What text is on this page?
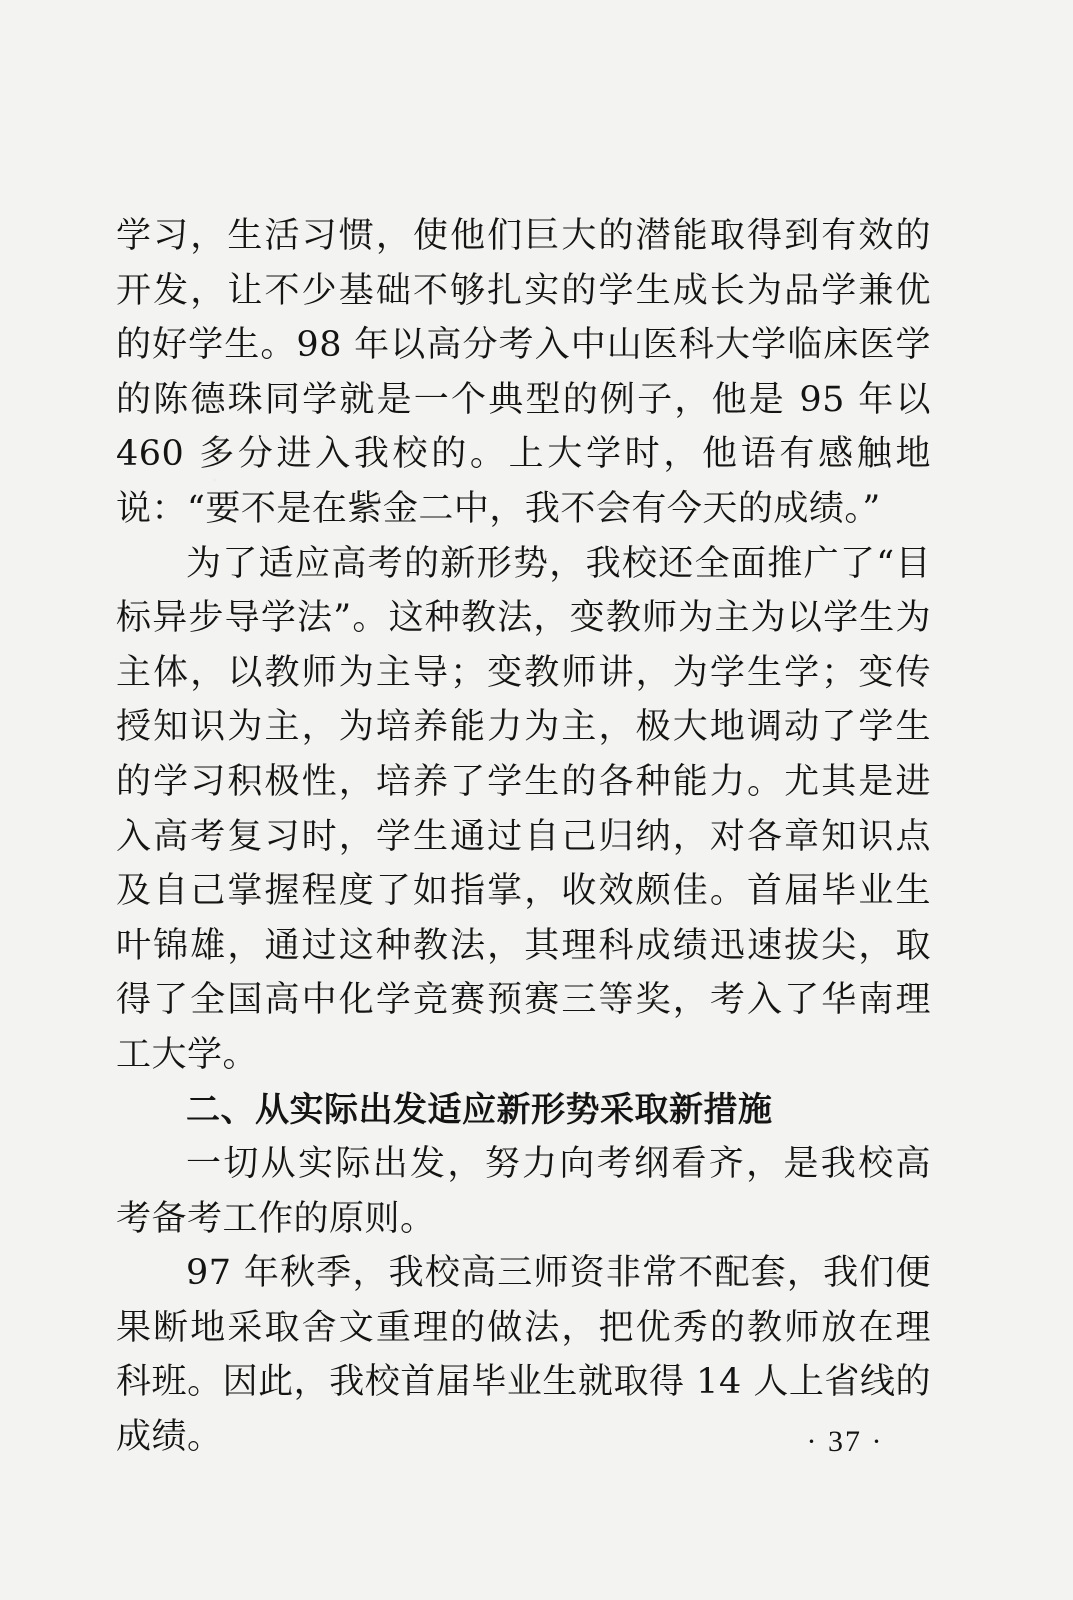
学习，生活习惯，使他们巨大的潜能取得到有效的开发，让不少基础不够扎实的学生成长为品学兼优的好学生。98 年以高分考入中山医科大学临床医学的陈德珠同学就是一个典型的例子，他是 95 年以 460 多分进入我校的。上大学时，他语有感触地说：“要不是在紫金二中，我不会有今天的成绩。”

为了适应高考的新形势，我校还全面推广了“目标异步导学法”。这种教法，变教师为主为以学生为主体，以教师为主导；变教师讲，为学生学；变传授知识为主，为培养能力为主，极大地调动了学生的学习积极性，培养了学生的各种能力。尤其是进入高考复习时，学生通过自己归纳，对各章知识点及自己掌握程度了如指掌，收效颇佳。首届毕业生叶锦雄，通过这种教法，其理科成绩迅速拔尖，取得了全国高中化学竞赛预赛三等奖，考入了华南理工大学。

二、从实际出发适应新形势采取新措施

一切从实际出发，努力向考纲看齐，是我校高考备考工作的原则。

97 年秋季，我校高三师资非常不配套，我们便果断地采取舍文重理的做法，把优秀的教师放在理科班。因此，我校首届毕业生就取得 14 人上省线的成绩。	· 37 ·
